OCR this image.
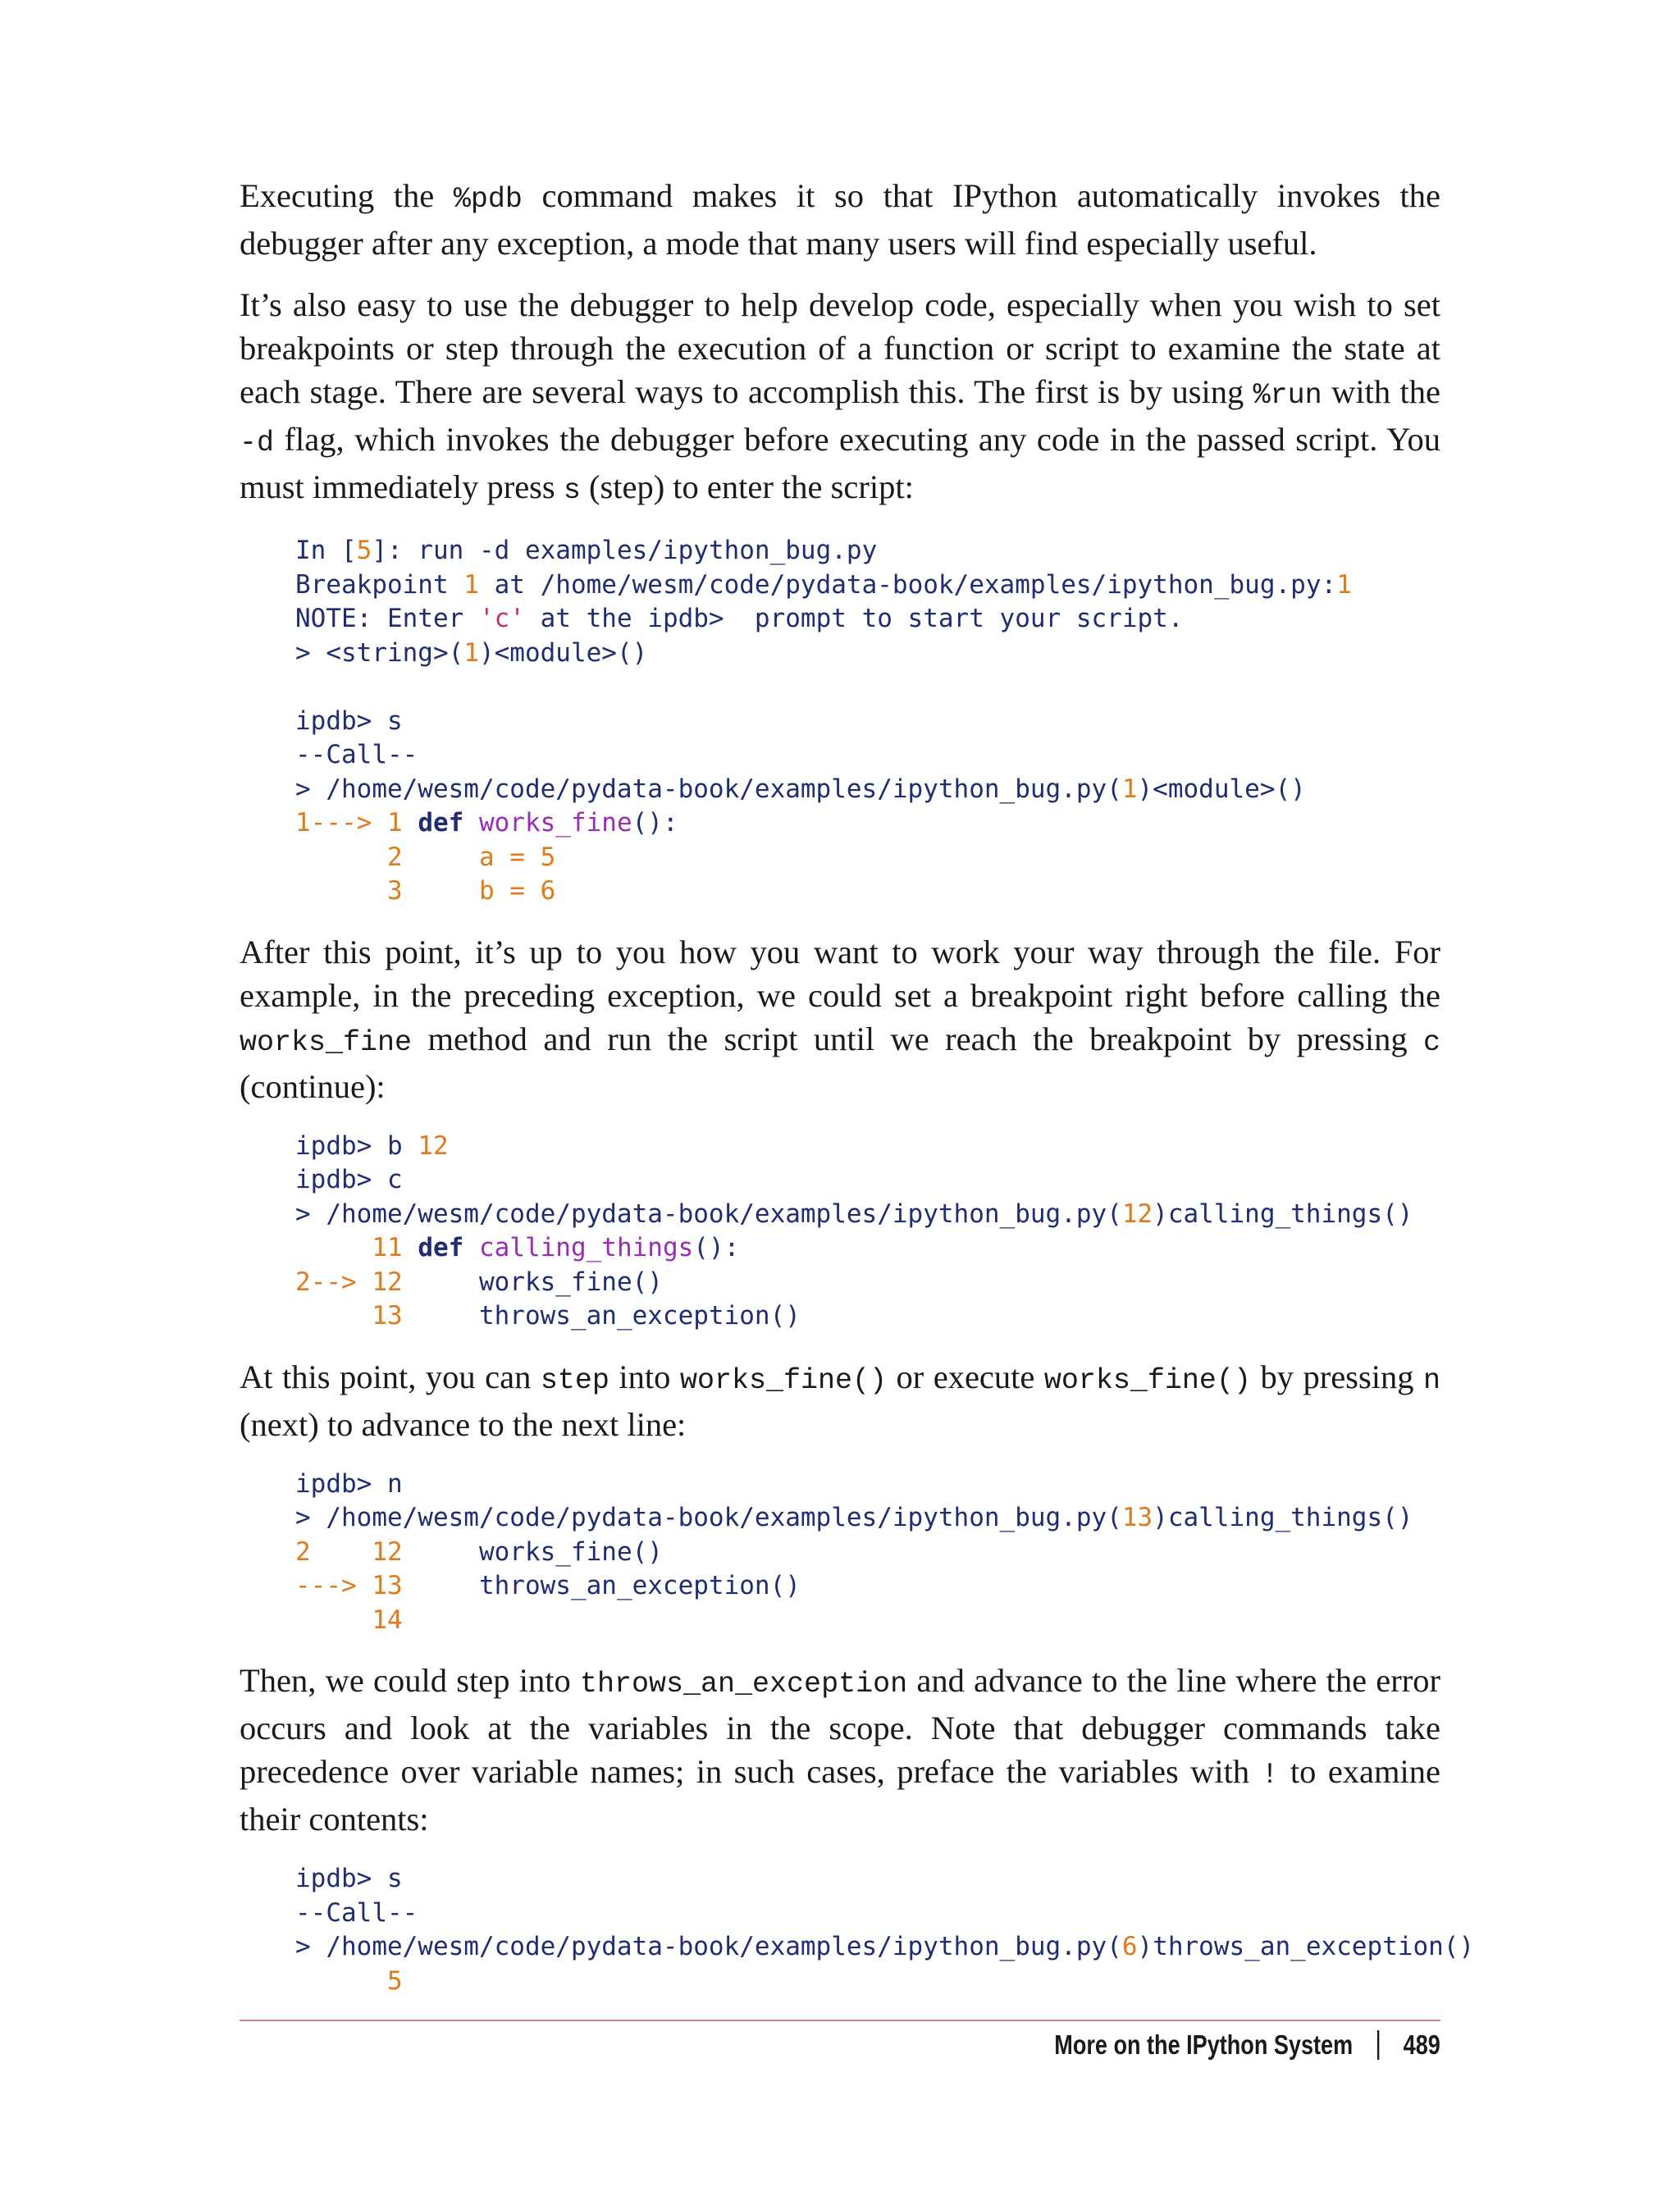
Executing the %pdb command makes it so that IPython automatically invokes the debugger after any exception, a mode that many users will find especially useful.

It’s also easy to use the debugger to help develop code, especially when you wish to set breakpoints or step through the execution of a function or script to examine the state at each stage. There are several ways to accomplish this. The first is by using %run with the -d flag, which invokes the debugger before executing any code in the passed script. You must immediately press s (step) to enter the script:

In [5]: run -d examples/ipython_bug.py
Breakpoint 1 at /home/wesm/code/pydata-book/examples/ipython_bug.py:1
NOTE: Enter 'c' at the ipdb>  prompt to start your script.
> <string>(1)<module>()
ipdb> s
--Call--
> /home/wesm/code/pydata-book/examples/ipython_bug.py(1)<module>()
1---> 1 def works_fine():
2     a = 5
3     b = 6

After this point, it’s up to you how you want to work your way through the file. For example, in the preceding exception, we could set a breakpoint right before calling the works_fine method and run the script until we reach the breakpoint by pressing c (continue):

ipdb> b 12
ipdb> c
> /home/wesm/code/pydata-book/examples/ipython_bug.py(12)calling_things()
11 def calling_things():
2--> 12     works_fine()
13     throws_an_exception()

At this point, you can step into works_fine() or execute works_fine() by pressing n (next) to advance to the next line:

ipdb> n
> /home/wesm/code/pydata-book/examples/ipython_bug.py(13)calling_things()
2    12     works_fine()
---> 13     throws_an_exception()
14

Then, we could step into throws_an_exception and advance to the line where the error occurs and look at the variables in the scope. Note that debugger commands take precedence over variable names; in such cases, preface the variables with ! to examine their contents:

ipdb> s
--Call--
> /home/wesm/code/pydata-book/examples/ipython_bug.py(6)throws_an_exception()
5
More on the IPython System 489
